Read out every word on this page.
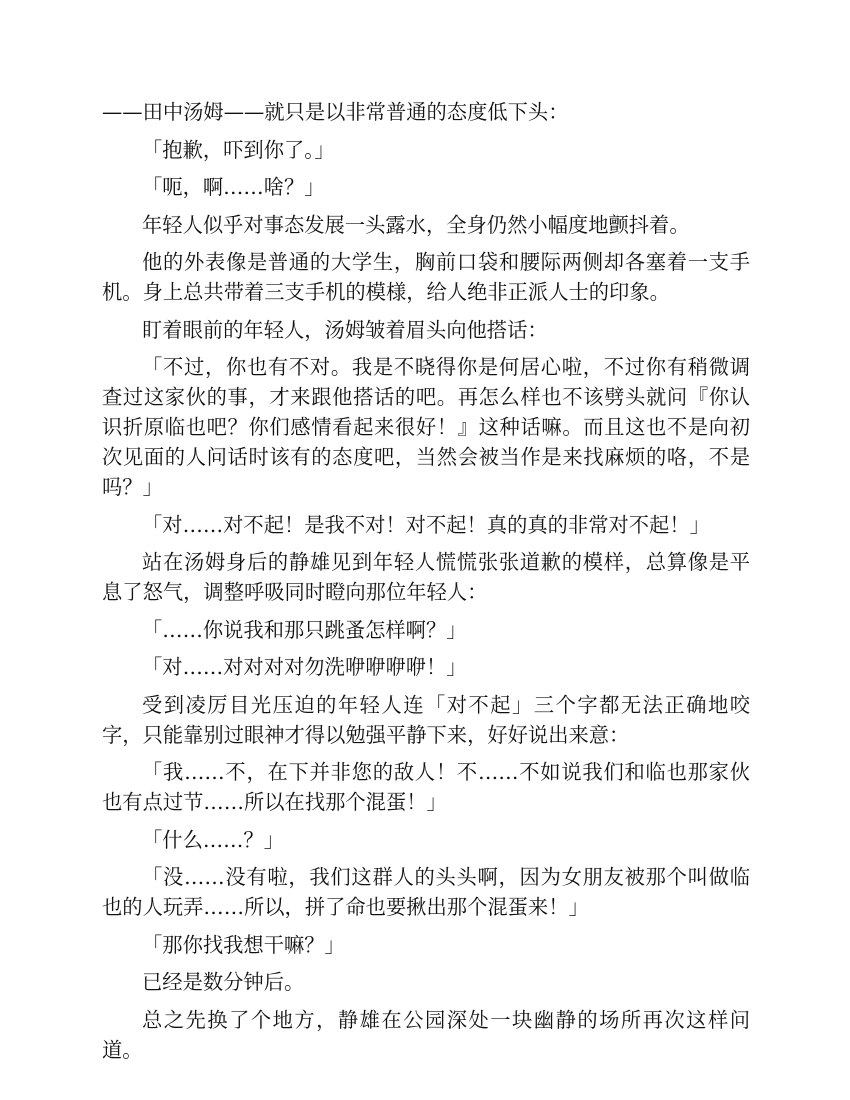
——田中汤姆——就只是以非常普通的态度低下头：

「抱歉，吓到你了。」

「呃，啊……啥？」

年轻人似乎对事态发展一头露水，全身仍然小幅度地颤抖着。

他的外表像是普通的大学生，胸前口袋和腰际两侧却各塞着一支手机。身上总共带着三支手机的模様，给人绝非正派人士的印象。

盯着眼前的年轻人，汤姆皱着眉头向他搭话：

「不过，你也有不对。我是不晓得你是何居心啦，不过你有稍微调查过这家伙的事，才来跟他搭话的吧。再怎么样也不该劈头就问『你认识折原临也吧？你们感情看起来很好！』这种话嘛。而且这也不是向初次见面的人问话时该有的态度吧，当然会被当作是来找麻烦的咯，不是吗？」

「对……对不起！是我不对！对不起！真的真的非常对不起！」

站在汤姆身后的静雄见到年轻人慌慌张张道歉的模样，总算像是平息了怒气，调整呼吸同时瞪向那位年轻人：

「……你说我和那只跳蚤怎样啊？」

「对……对对对对勿洗咿咿咿咿！」

受到凌厉目光压迫的年轻人连「对不起」三个字都无法正确地咬字，只能靠别过眼神才得以勉强平静下来，好好说出来意：

「我……不，在下并非您的敌人！不……不如说我们和临也那家伙也有点过节……所以在找那个混蛋！」

「什么……？」

「没……没有啦，我们这群人的头头啊，因为女朋友被那个叫做临也的人玩弄……所以，拼了命也要揪出那个混蛋来！」

「那你找我想干嘛？」

已经是数分钟后。

总之先换了个地方，静雄在公园深处一块幽静的场所再次这样问道。
